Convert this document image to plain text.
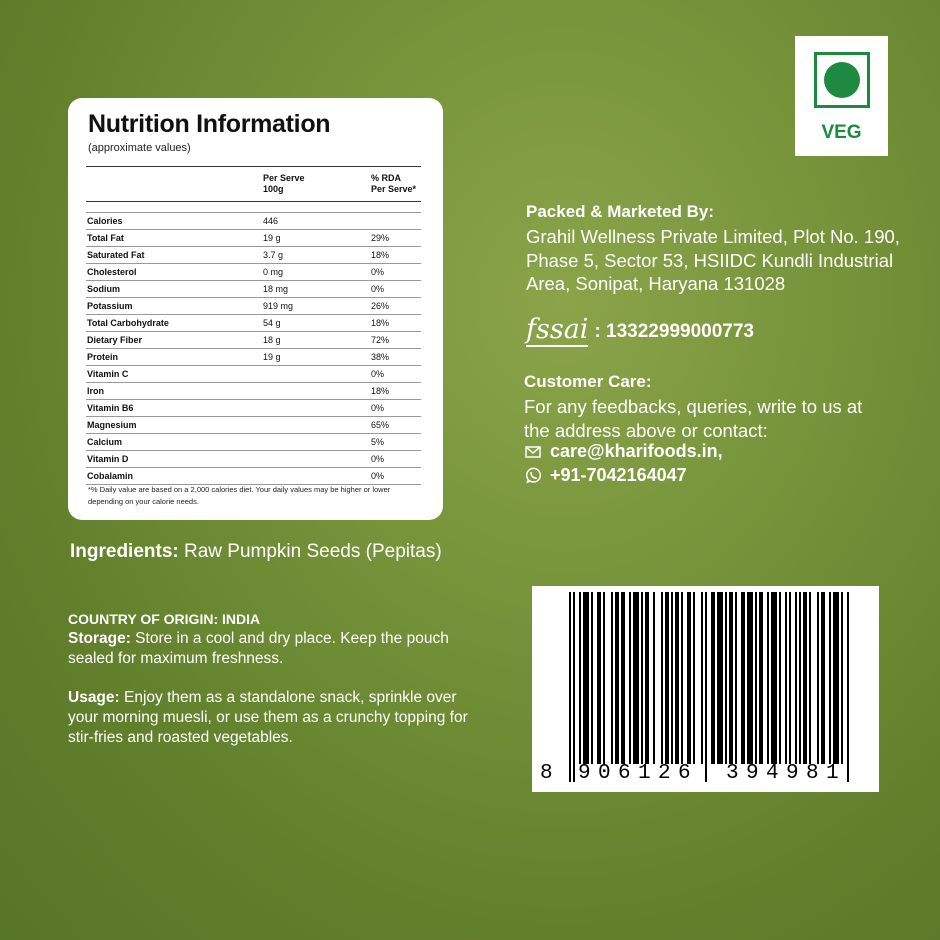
Nutrition Information
(approximate values)
	Per Serve
100g	% RDA
Per Serve*

Calories	446	
Total Fat	19 g	29%
Saturated Fat	3.7 g	18%
Cholesterol	0 mg	0%
Sodium	18 mg	0%
Potassium	919 mg	26%
Total Carbohydrate	54 g	18%
Dietary Fiber	18 g	72%
Protein	19 g	38%
Vitamin C		0%
Iron		18%
Vitamin B6		0%
Magnesium		65%
Calcium		5%
Vitamin D		0%
Cobalamin		0%
*% Daily value are based on a 2,000 calories diet. Your daily values may be higher or lower depending on your calorie needs.
Ingredients: Raw Pumpkin Seeds (Pepitas)
COUNTRY OF ORIGIN: INDIA
Storage: Store in a cool and dry place. Keep the pouch sealed for maximum freshness.
Usage: Enjoy them as a standalone snack, sprinkle over your morning muesli, or use them as a crunchy topping for stir-fries and roasted vegetables.
VEG
Packed & Marketed By:
Grahil Wellness Private Limited, Plot No. 190, Phase 5, Sector 53, HSIIDC Kundli Industrial Area, Sonipat, Haryana 131028
fssai : 13322999000773
Customer Care:
For any feedbacks, queries, write to us at the address above or contact:
care@kharifoods.in,
+91-7042164047
8 9 0 6 1 2 6 3 9 4 9 8 1
